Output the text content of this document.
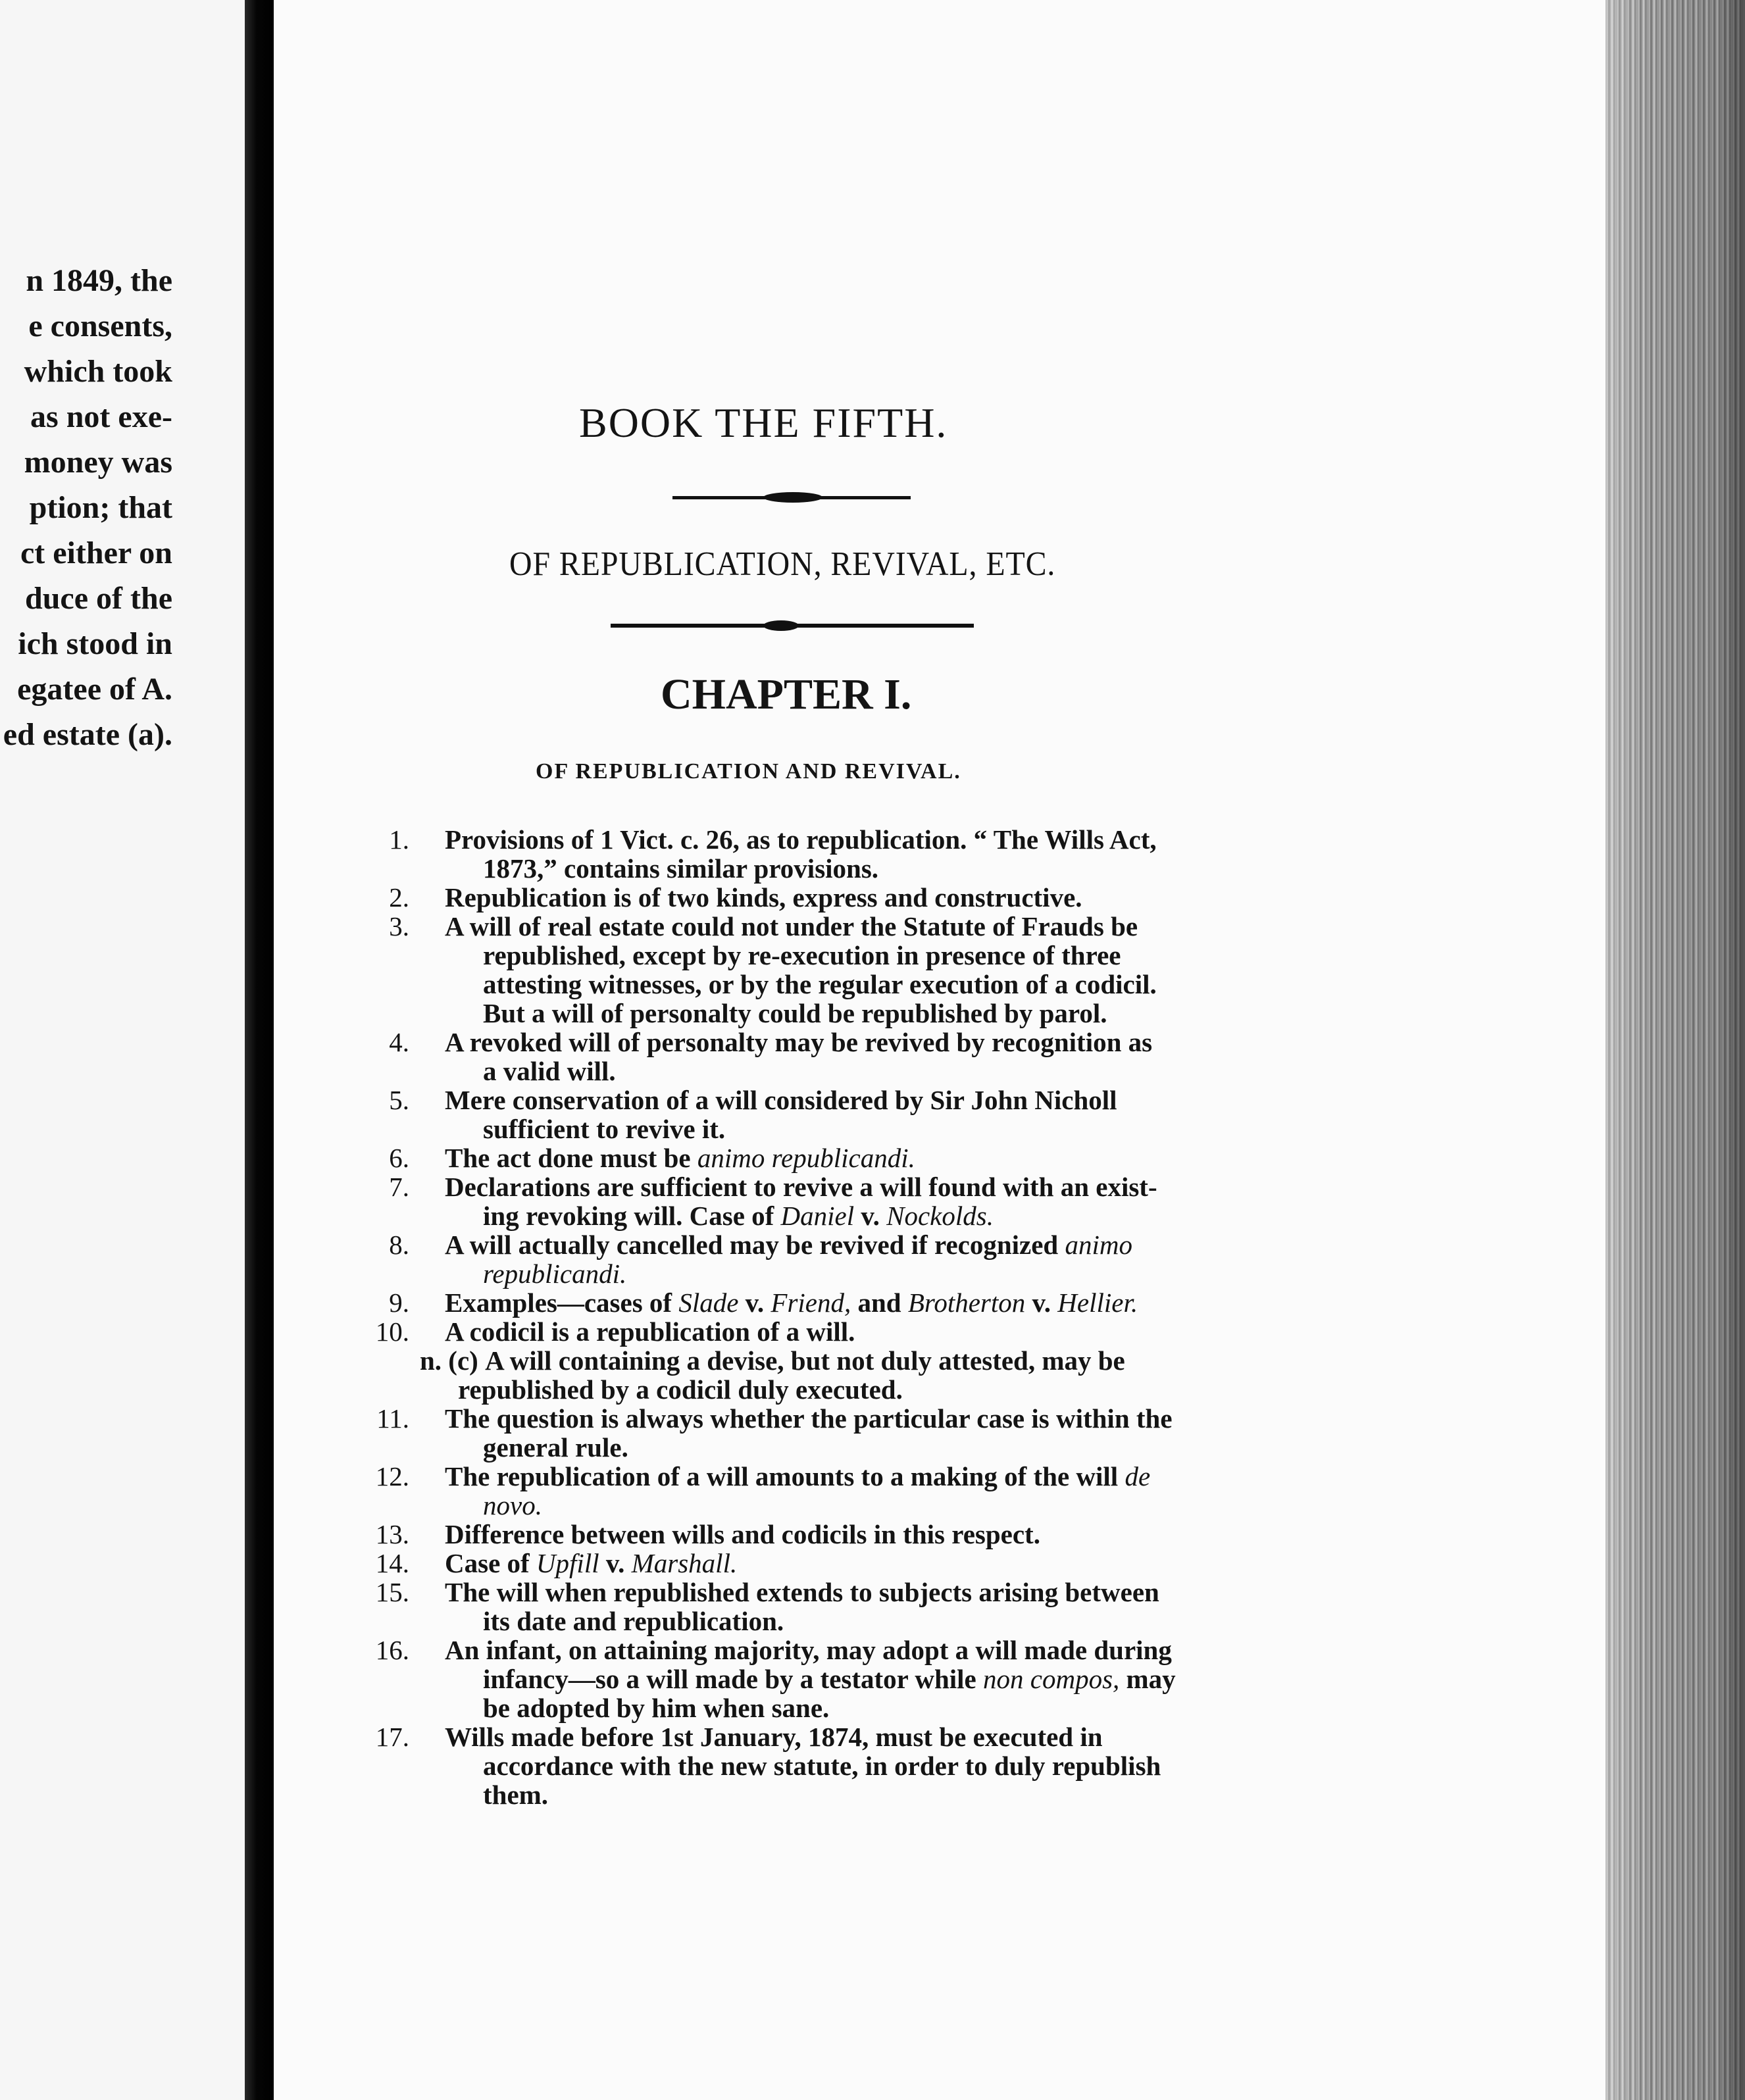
n 1849, the
e consents,
which took
as not exe-
money was
ption; that
ct either on
duce of the
ich stood in
egatee of A.
ed estate (a).
BOOK THE FIFTH.
OF REPUBLICATION, REVIVAL, ETC.
CHAPTER I.
OF REPUBLICATION AND REVIVAL.
1. Provisions of 1 Vict. c. 26, as to republication. “ The Wills Act,

1873,” contains similar provisions.
2. Republication is of two kinds, express and constructive.
3. A will of real estate could not under the Statute of Frauds be

republished, except by re-execution in presence of three
attesting witnesses, or by the regular execution of a codicil.
But a will of personalty could be republished by parol.
4. A revoked will of personalty may be revived by recognition as

a valid will.
5. Mere conservation of a will considered by Sir John Nicholl

sufficient to revive it.
6. The act done must be animo republicandi.
7. Declarations are sufficient to revive a will found with an exist-

ing revoking will. Case of Daniel v. Nockolds.
8. A will actually cancelled may be revived if recognized animo

republicandi.
9. Examples—cases of Slade v. Friend, and Brotherton v. Hellier.
10. A codicil is a republication of a will.
n. (c) A will containing a devise, but not duly attested, may be

republished by a codicil duly executed.
11. The question is always whether the particular case is within the

general rule.
12. The republication of a will amounts to a making of the will de

novo.
13. Difference between wills and codicils in this respect.
14. Case of Upfill v. Marshall.
15. The will when republished extends to subjects arising between

its date and republication.
16. An infant, on attaining majority, may adopt a will made during

infancy—so a will made by a testator while non compos, may
be adopted by him when sane.
17. Wills made before 1st January, 1874, must be executed in

accordance with the new statute, in order to duly republish
them.
